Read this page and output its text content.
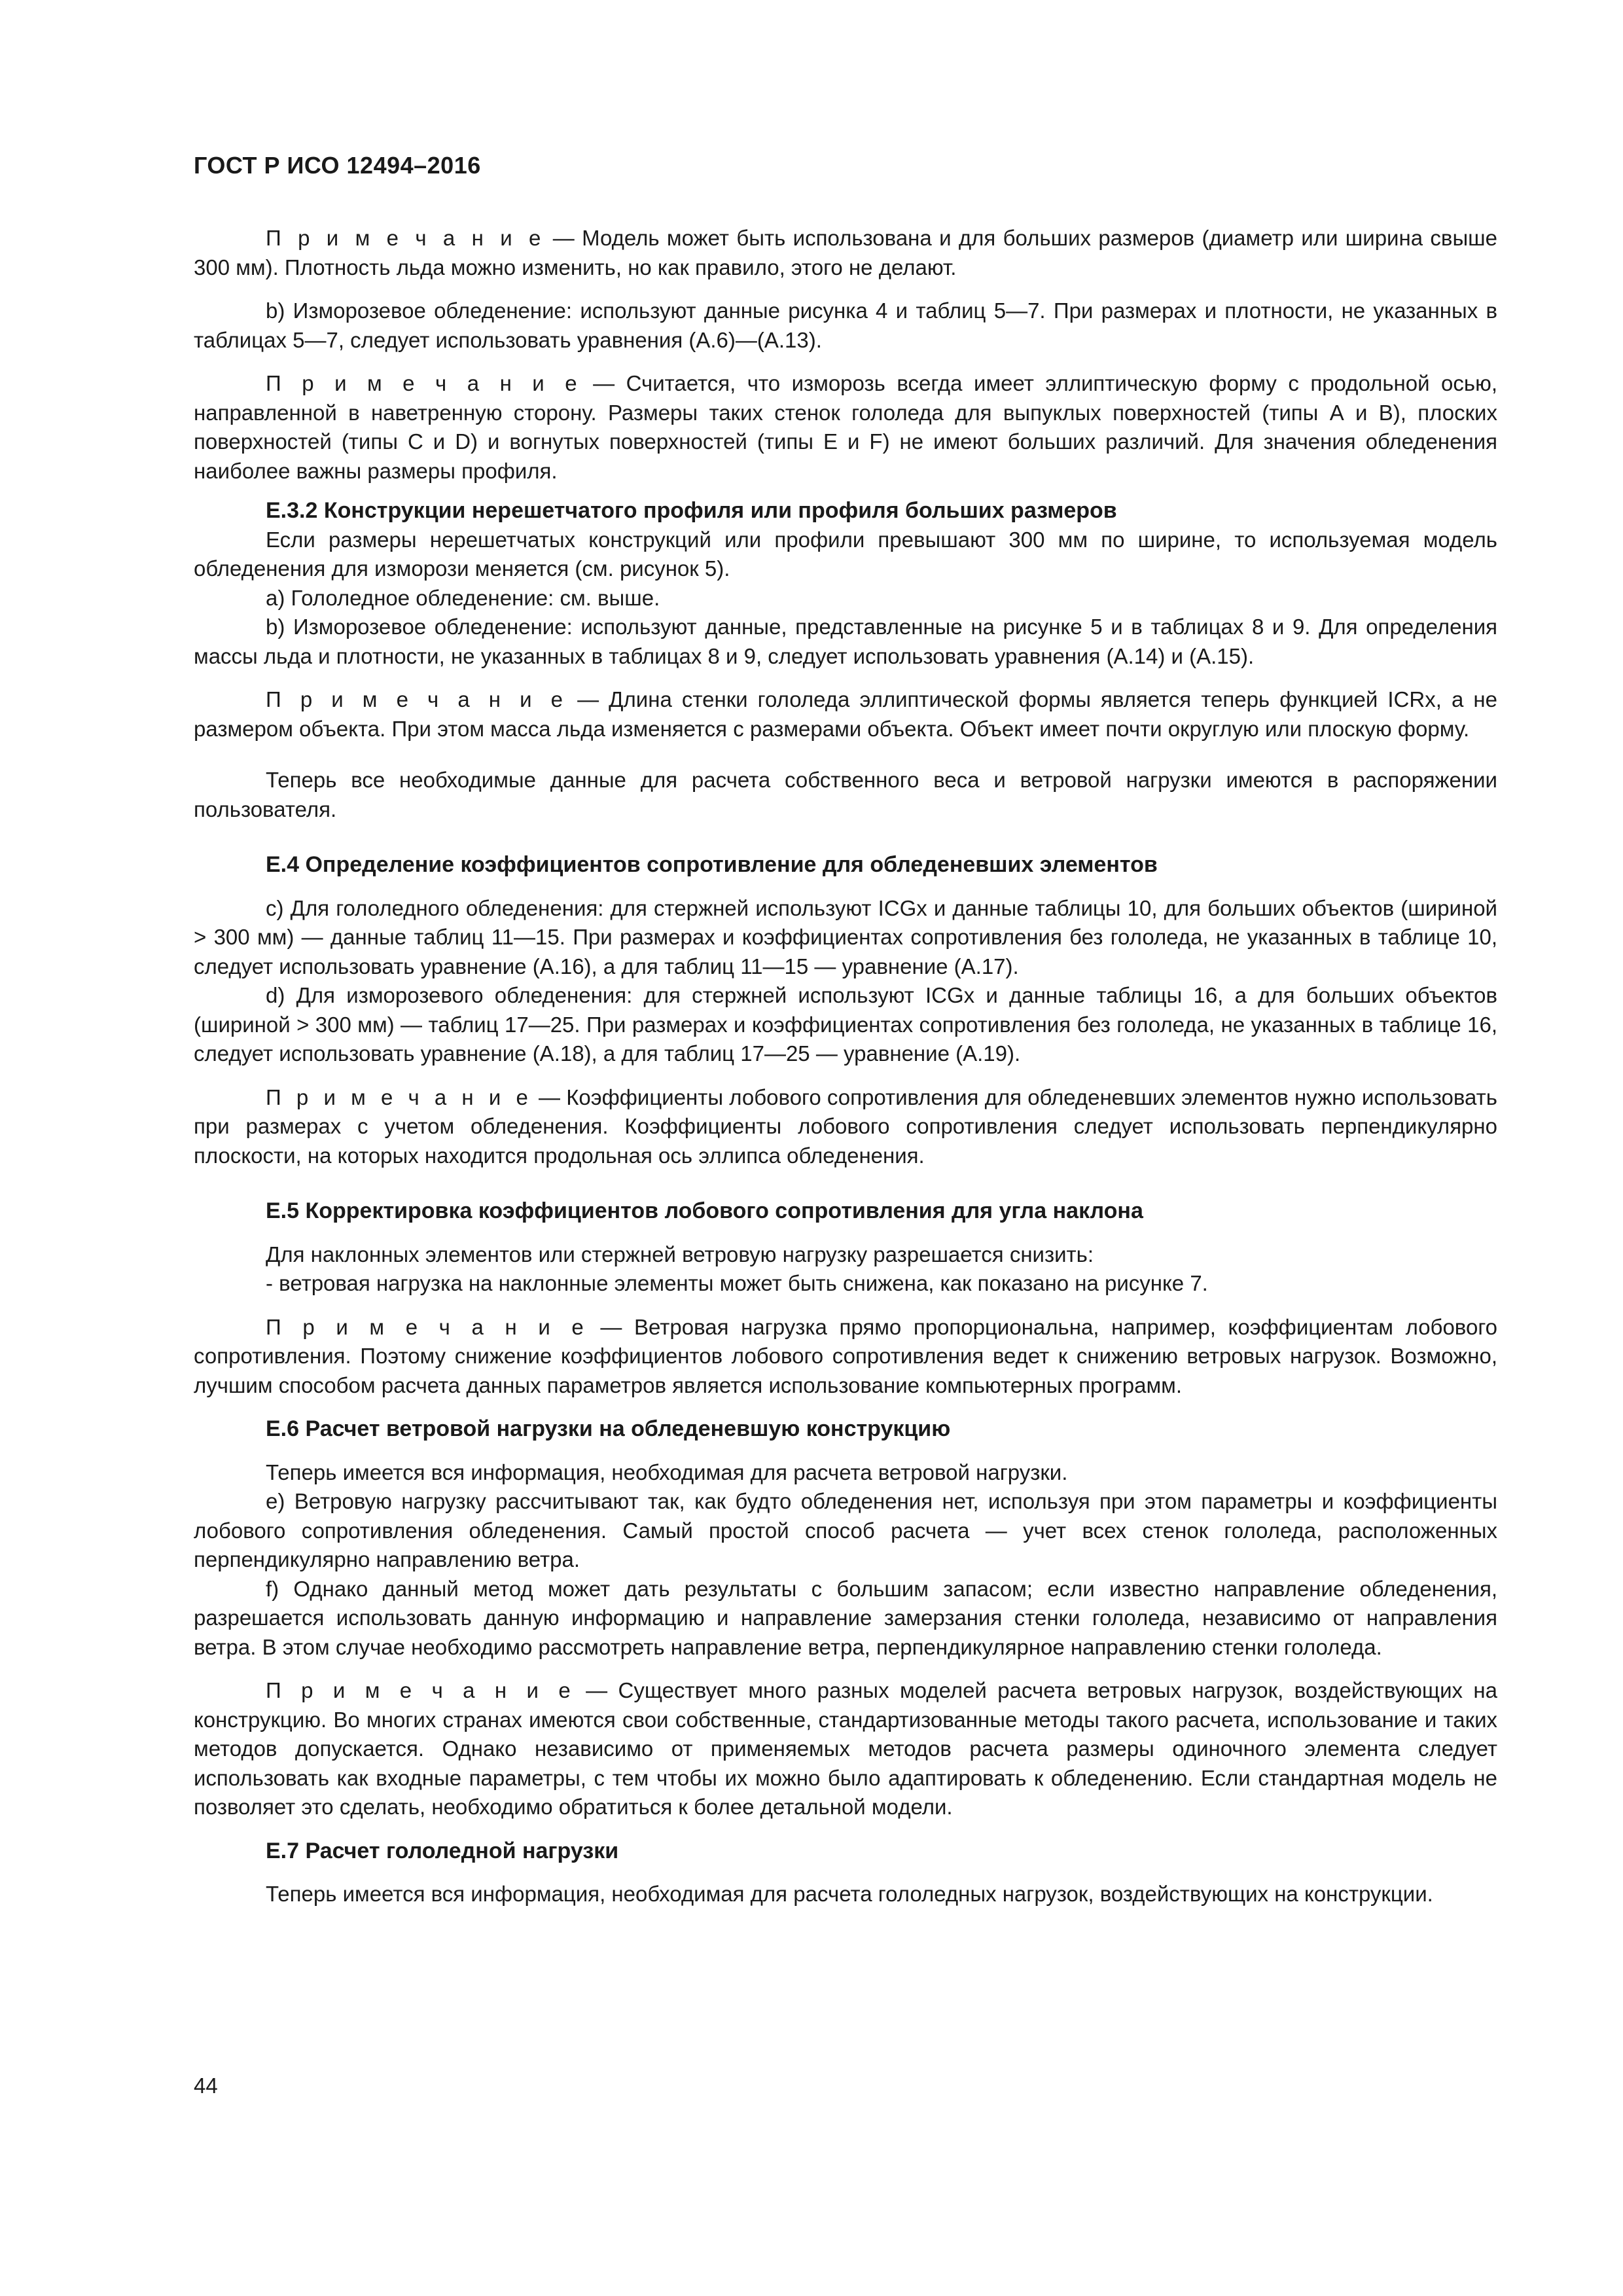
ГОСТ Р ИСО 12494–2016

П р и м е ч а н и е — Модель может быть использована и для больших размеров (диаметр или ширина свыше 300 мм). Плотность льда можно изменить, но как правило, этого не делают.

b) Изморозевое обледенение: используют данные рисунка 4 и таблиц 5—7. При размерах и плотности, не указанных в таблицах 5—7, следует использовать уравнения (А.6)—(А.13).

П р и м е ч а н и е — Считается, что изморозь всегда имеет эллиптическую форму с продольной осью, направленной в наветренную сторону. Размеры таких стенок гололеда для выпуклых поверхностей (типы А и В), плоских поверхностей (типы С и D) и вогнутых поверхностей (типы Е и F) не имеют больших различий. Для значения обледенения наиболее важны размеры профиля.

Е.3.2 Конструкции нерешетчатого профиля или профиля больших размеров

Если размеры нерешетчатых конструкций или профили превышают 300 мм по ширине, то используемая модель обледенения для изморози меняется (см. рисунок 5).

а) Гололедное обледенение: см. выше.

b) Изморозевое обледенение: используют данные, представленные на рисунке 5 и в таблицах 8 и 9. Для определения массы льда и плотности, не указанных в таблицах 8 и 9, следует использовать уравнения (А.14) и (А.15).

П р и м е ч а н и е — Длина стенки гололеда эллиптической формы является теперь функцией ICRx, а не размером объекта. При этом масса льда изменяется с размерами объекта. Объект имеет почти округлую или плоскую форму.

Теперь все необходимые данные для расчета собственного веса и ветровой нагрузки имеются в распоряжении пользователя.

Е.4 Определение коэффициентов сопротивление для обледеневших элементов

с) Для гололедного обледенения: для стержней используют ICGx и данные таблицы 10, для больших объектов (шириной > 300 мм) — данные таблиц 11—15. При размерах и коэффициентах сопротивления без гололеда, не указанных в таблице 10, следует использовать уравнение (А.16), а для таблиц 11—15 — уравнение (А.17).

d) Для изморозевого обледенения: для стержней используют ICGx и данные таблицы 16, а для больших объектов (шириной > 300 мм) — таблиц 17—25. При размерах и коэффициентах сопротивления без гололеда, не указанных в таблице 16, следует использовать уравнение (А.18), а для таблиц 17—25 — уравнение (А.19).

П р и м е ч а н и е — Коэффициенты лобового сопротивления для обледеневших элементов нужно использовать при размерах с учетом обледенения. Коэффициенты лобового сопротивления следует использовать перпендикулярно плоскости, на которых находится продольная ось эллипса обледенения.

Е.5 Корректировка коэффициентов лобового сопротивления для угла наклона

Для наклонных элементов или стержней ветровую нагрузку разрешается снизить:

- ветровая нагрузка на наклонные элементы может быть снижена, как показано на рисунке 7.

П р и м е ч а н и е — Ветровая нагрузка прямо пропорциональна, например, коэффициентам лобового сопротивления. Поэтому снижение коэффициентов лобового сопротивления ведет к снижению ветровых нагрузок. Возможно, лучшим способом расчета данных параметров является использование компьютерных программ.

Е.6 Расчет ветровой нагрузки на обледеневшую конструкцию

Теперь имеется вся информация, необходимая для расчета ветровой нагрузки.

е) Ветровую нагрузку рассчитывают так, как будто обледенения нет, используя при этом параметры и коэффициенты лобового сопротивления обледенения. Самый простой способ расчета — учет всех стенок гололеда, расположенных перпендикулярно направлению ветра.

f) Однако данный метод может дать результаты с большим запасом; если известно направление обледенения, разрешается использовать данную информацию и направление замерзания стенки гололеда, независимо от направления ветра. В этом случае необходимо рассмотреть направление ветра, перпендикулярное направлению стенки гололеда.

П р и м е ч а н и е — Существует много разных моделей расчета ветровых нагрузок, воздействующих на конструкцию. Во многих странах имеются свои собственные, стандартизованные методы такого расчета, использование и таких методов допускается. Однако независимо от применяемых методов расчета размеры одиночного элемента следует использовать как входные параметры, с тем чтобы их можно было адаптировать к обледенению. Если стандартная модель не позволяет это сделать, необходимо обратиться к более детальной модели.

Е.7 Расчет гололедной нагрузки

Теперь имеется вся информация, необходимая для расчета гололедных нагрузок, воздействующих на конструкции.

44
